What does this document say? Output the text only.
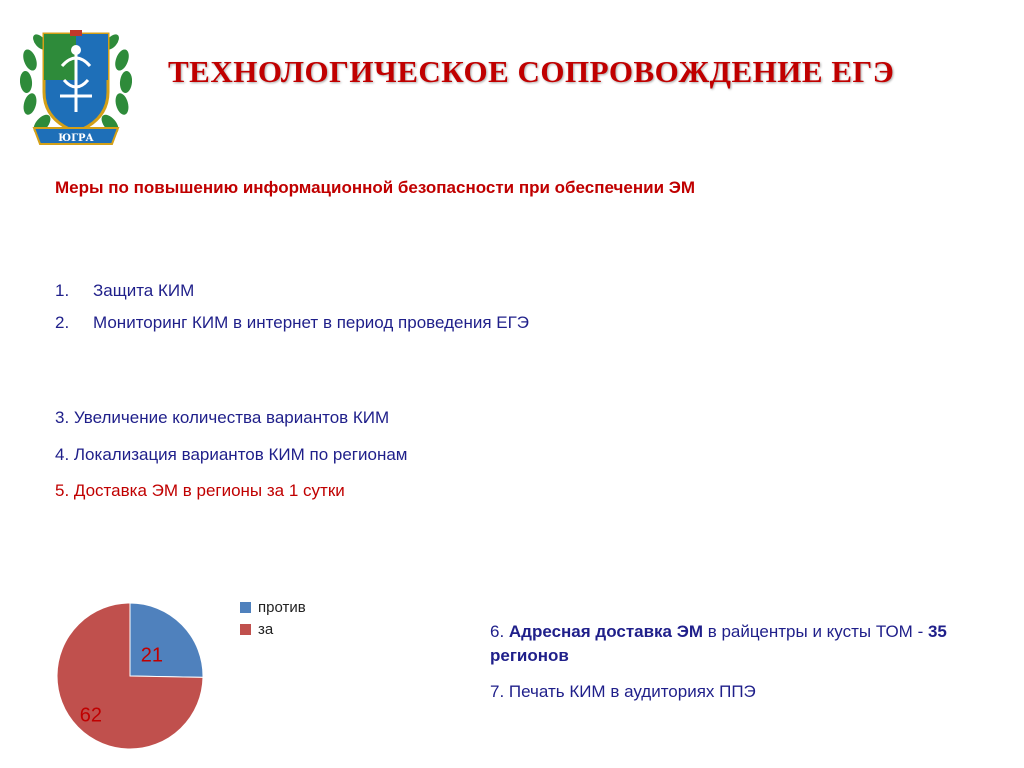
ЮГРА
ТЕХНОЛОГИЧЕСКОЕ СОПРОВОЖДЕНИЕ ЕГЭ
Меры по повышению информационной безопасности при обеспечении ЭМ
1. Защита КИМ
2. Мониторинг КИМ в интернет в период проведения ЕГЭ
3. Увеличение количества вариантов КИМ
4. Локализация вариантов КИМ по регионам
5. Доставка ЭМ в регионы за 1 сутки
21
62
против
за	6. Адресная доставка ЭМ в райцентры и кусты ТОМ - 35 регионов

7. Печать КИМ в аудиториях ППЭ
